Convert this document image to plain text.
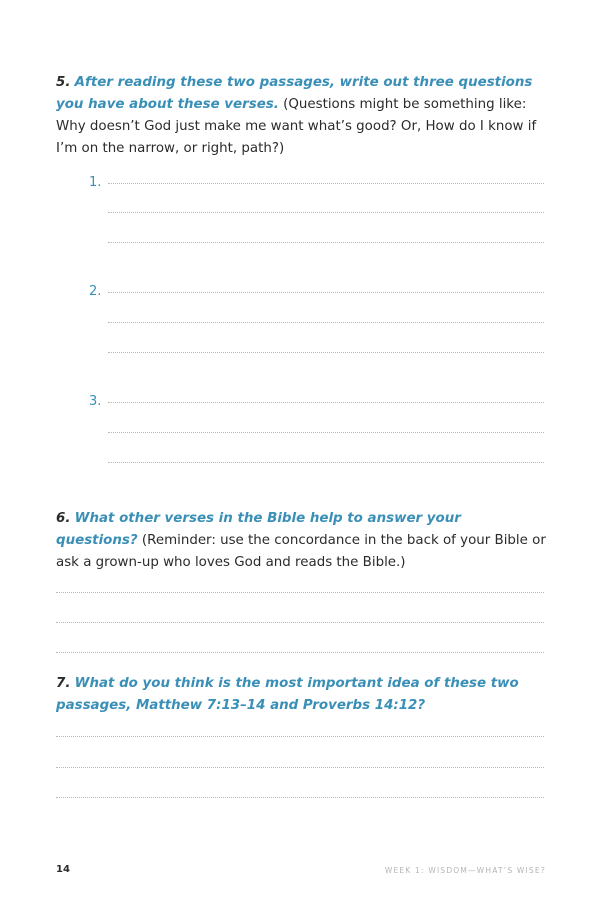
5. After reading these two passages, write out three questions you have about these verses. (Questions might be something like: Why doesn’t God just make me want what’s good? Or, How do I know if I’m on the narrow, or right, path?)
1.
2.
3.
6. What other verses in the Bible help to answer your questions? (Reminder: use the concordance in the back of your Bible or ask a grown-up who loves God and reads the Bible.)
7. What do you think is the most important idea of these two passages, Matthew 7:13–14 and Proverbs 14:12?
14	WEEK 1: WISDOM—WHAT’S WISE?
